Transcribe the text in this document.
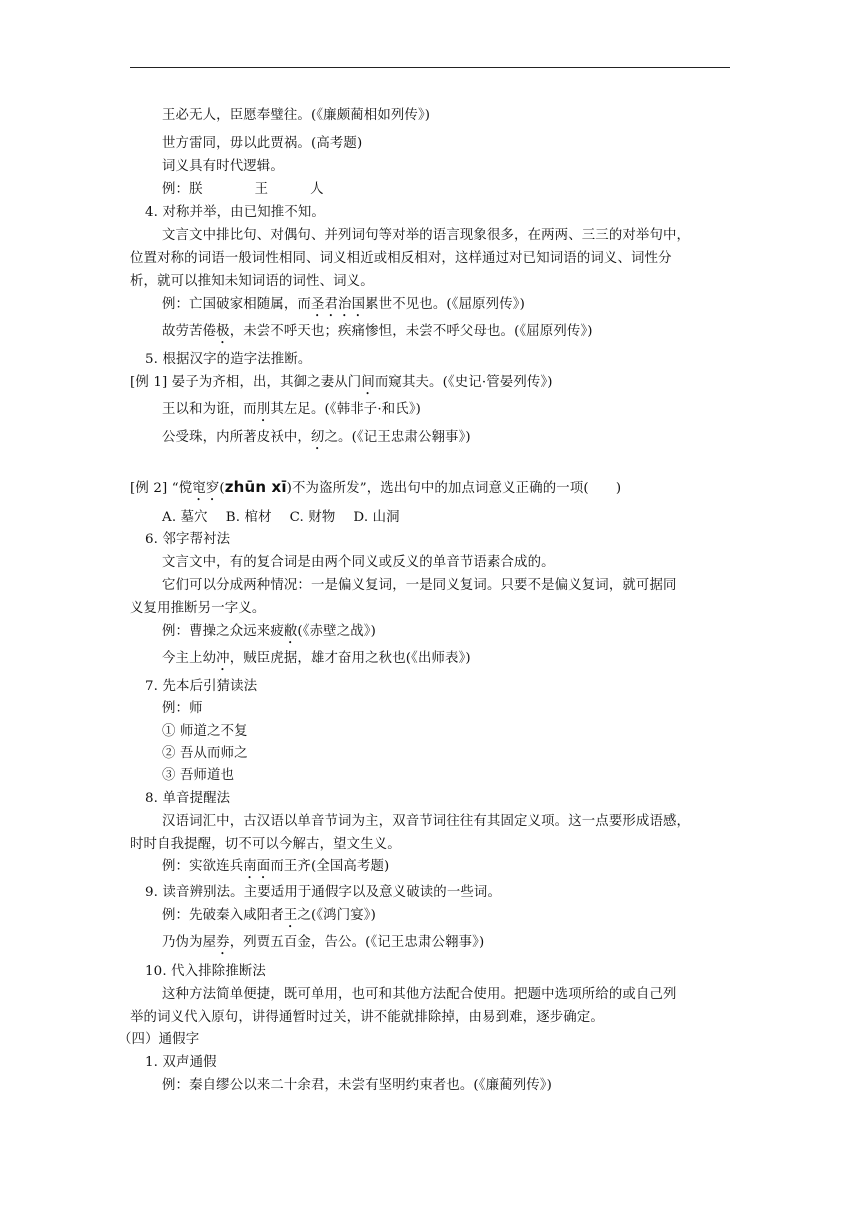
王必无人，臣愿奉璧往。(《廉颇蔺相如列传》)
世方雷同，毋以此贾祸。(高考题)
词义具有时代逻辑。
例：朕	王	人
4. 对称并举，由已知推不知。
文言文中排比句、对偶句、并列词句等对举的语言现象很多，在两两、三三的对举句中，
位置对称的词语一般词性相同、词义相近或相反相对，这样通过对已知词语的词义、词性分
析，就可以推知未知词语的词性、词义。
例：亡国破家相随属，而圣君治国累世不见也。(《屈原列传》)
故劳苦倦极，未尝不呼天也；疾痛惨怛，未尝不呼父母也。(《屈原列传》)
5. 根据汉字的造字法推断。
[例 1] 晏子为齐相，出，其御之妻从门间而窥其夫。(《史记·管晏列传》)
王以和为诳，而刖其左足。(《韩非子·和氏》)
公受珠，内所著皮袄中，纫之。(《记王忠肃公翱事》)
[例 2] “傥窀穸(zhūn xī)不为盗所发”，选出句中的加点词意义正确的一项(　　)
A. 墓穴 B. 棺材 C. 财物 D. 山洞
6. 邻字帮衬法
文言文中，有的复合词是由两个同义或反义的单音节语素合成的。
它们可以分成两种情况：一是偏义复词，一是同义复词。只要不是偏义复词，就可据同
义复用推断另一字义。
例：曹操之众远来疲敝(《赤壁之战》)
今主上幼冲，贼臣虎据，雄才奋用之秋也(《出师表》)
7. 先本后引猜读法
例：师
① 师道之不复
② 吾从而师之
③ 吾师道也
8. 单音提醒法
汉语词汇中，古汉语以单音节词为主，双音节词往往有其固定义项。这一点要形成语感，
时时自我提醒，切不可以今解古，望文生义。
例：实欲连兵南面而王齐(全国高考题)
9. 读音辨别法。主要适用于通假字以及意义破读的一些词。
例：先破秦入咸阳者王之(《鸿门宴》)
乃伪为屋券，列贾五百金，告公。(《记王忠肃公翱事》)
10. 代入排除推断法
这种方法简单便捷，既可单用，也可和其他方法配合使用。把题中选项所给的或自己列
举的词义代入原句，讲得通暂时过关，讲不能就排除掉，由易到难，逐步确定。
（四）通假字
1. 双声通假
例：秦自缪公以来二十余君，未尝有坚明约束者也。(《廉蔺列传》)
